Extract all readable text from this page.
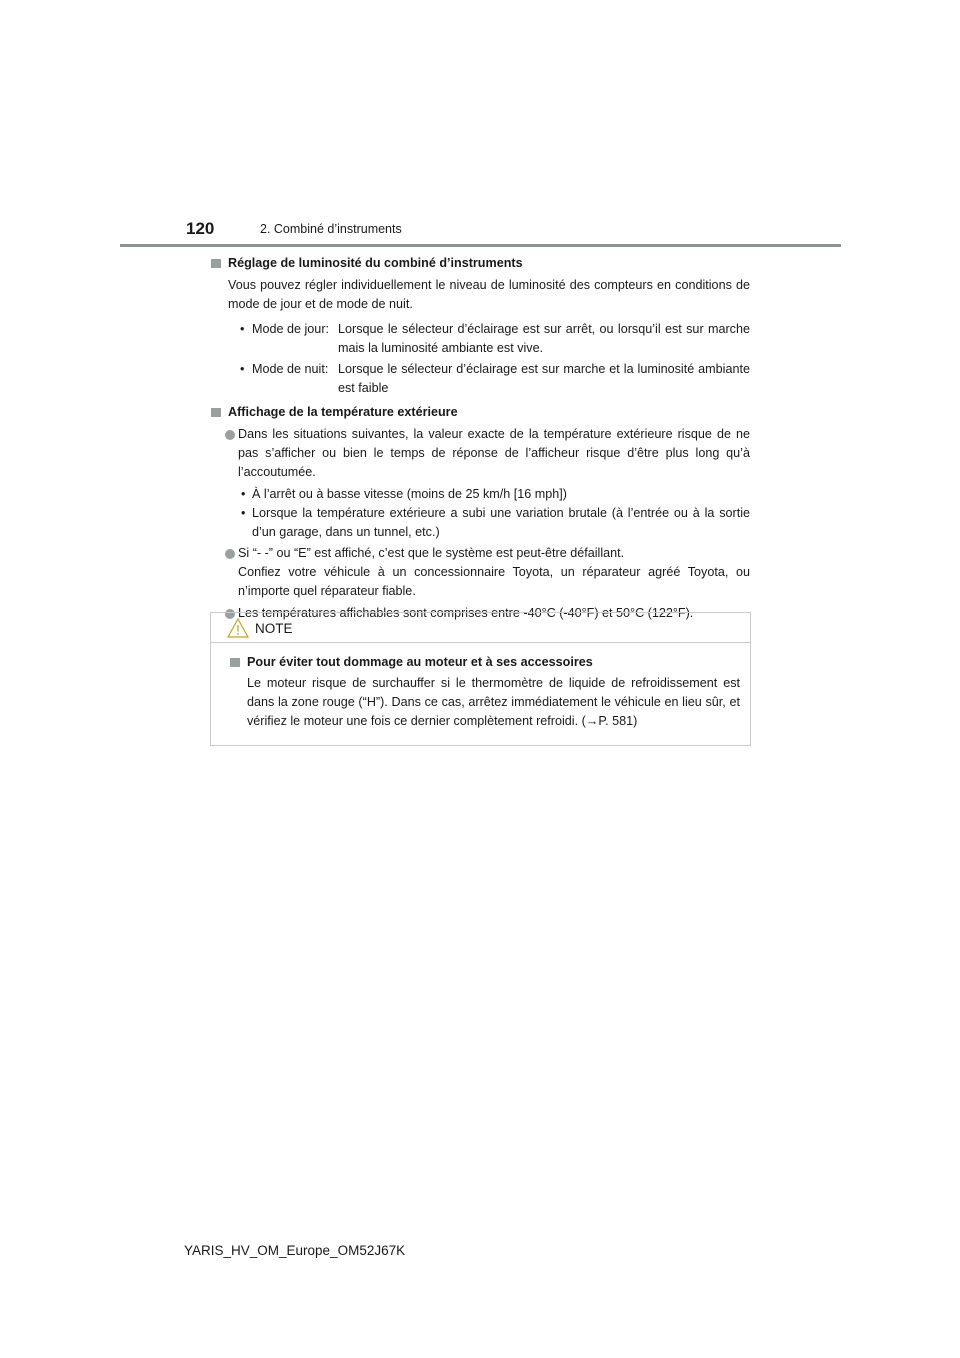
120	2. Combiné d’instruments
Réglage de luminosité du combiné d’instruments
Vous pouvez régler individuellement le niveau de luminosité des compteurs en conditions de mode de jour et de mode de nuit.
• Mode de jour: Lorsque le sélecteur d’éclairage est sur arrêt, ou lorsqu’il est sur marche mais la luminosité ambiante est vive.
• Mode de nuit: Lorsque le sélecteur d’éclairage est sur marche et la luminosité ambiante est faible
Affichage de la température extérieure
Dans les situations suivantes, la valeur exacte de la température extérieure risque de ne pas s’afficher ou bien le temps de réponse de l’afficheur risque d’être plus long qu’à l’accoutumée.
• À l’arrêt ou à basse vitesse (moins de 25 km/h [16 mph])
• Lorsque la température extérieure a subi une variation brutale (à l’entrée ou à la sortie d’un garage, dans un tunnel, etc.)
Si “- -” ou “E” est affiché, c’est que le système est peut-être défaillant.
Confiez votre véhicule à un concessionnaire Toyota, un réparateur agréé Toyota, ou n’importe quel réparateur fiable.
Les températures affichables sont comprises entre -40°C (-40°F) et 50°C (122°F).
NOTE
Pour éviter tout dommage au moteur et à ses accessoires
Le moteur risque de surchauffer si le thermomètre de liquide de refroidissement est dans la zone rouge (“H”). Dans ce cas, arrêtez immédiatement le véhicule en lieu sûr, et vérifiez le moteur une fois ce dernier complètement refroidi. (→P. 581)
YARIS_HV_OM_Europe_OM52J67K
